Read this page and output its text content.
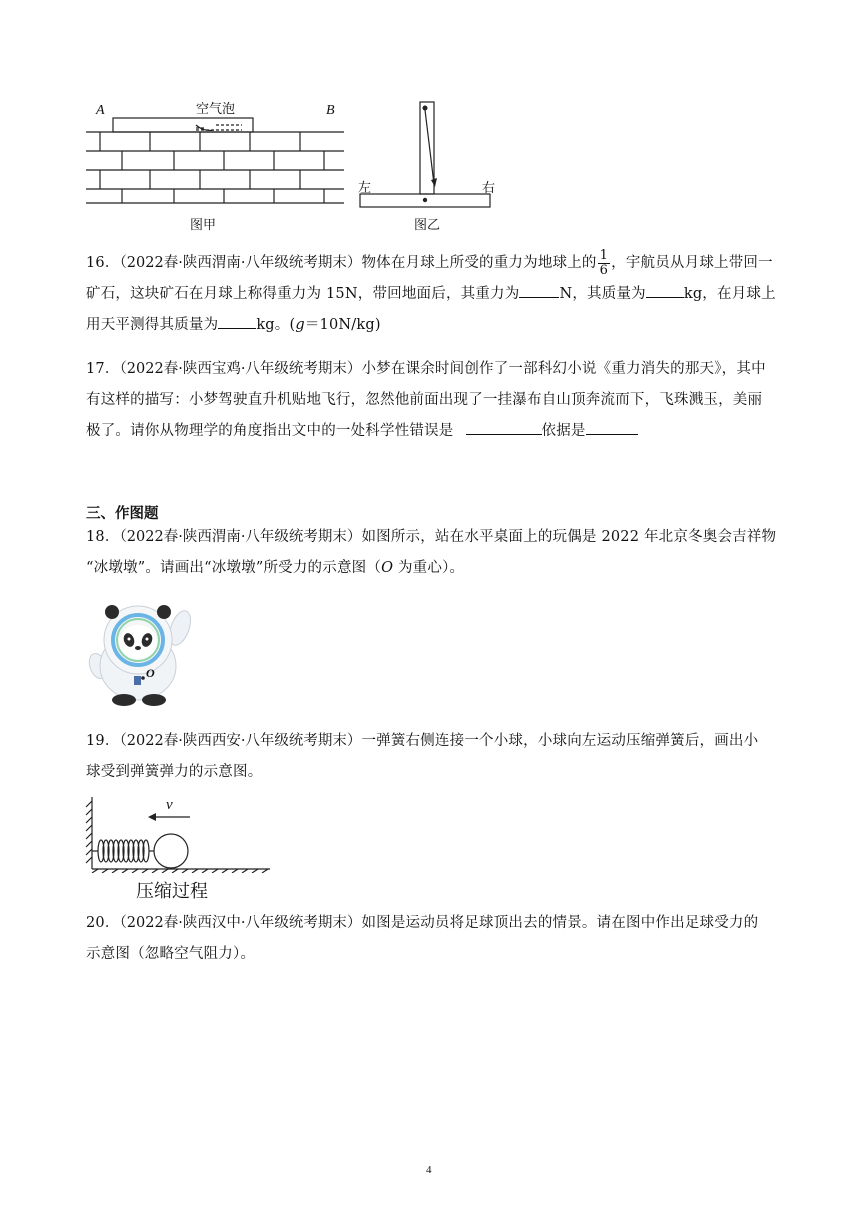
A	B
空气泡
图甲
左	右
图乙
16．（2022春·陕西渭南·八年级统考期末）物体在月球上所受的重力为地球上的 $\frac{1}{6}$ ，宇航员从月球上带回一
矿石，这块矿石在月球上称得重力为 15N，带回地面后，其重力为	N，其质量为	kg，在月球上
用天平测得其质量为	kg。(g＝10N/kg)
17．（2022春·陕西宝鸡·八年级统考期末）小梦在课余时间创作了一部科幻小说《重力消失的那天》，其中
有这样的描写：小梦驾驶直升机贴地飞行，忽然他前面出现了一挂瀑布自山顶奔流而下，飞珠溅玉，美丽
极了。请你从物理学的角度指出文中的一处科学性错误是	依据是
三、作图题
18．（2022春·陕西渭南·八年级统考期末）如图所示，站在水平桌面上的玩偶是 2022 年北京冬奥会吉祥物
“冰墩墩”。请画出“冰墩墩”所受力的示意图（O 为重心）。
O
19．（2022春·陕西西安·八年级统考期末）一弹簧右侧连接一个小球，小球向左运动压缩弹簧后，画出小
球受到弹簧弹力的示意图。
v
压缩过程
20．（2022春·陕西汉中·八年级统考期末）如图是运动员将足球顶出去的情景。请在图中作出足球受力的
示意图（忽略空气阻力）。
4
